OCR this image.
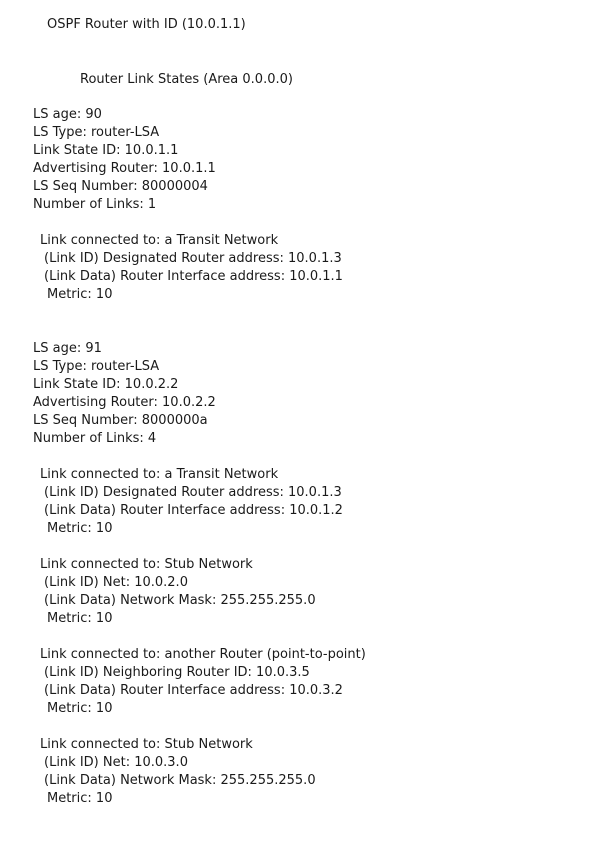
OSPF Router with ID (10.0.1.1)
Router Link States (Area 0.0.0.0)
LS age: 90
LS Type: router-LSA
Link State ID: 10.0.1.1
Advertising Router: 10.0.1.1
LS Seq Number: 80000004
Number of Links: 1
Link connected to: a Transit Network
(Link ID) Designated Router address: 10.0.1.3
(Link Data) Router Interface address: 10.0.1.1
Metric: 10
LS age: 91
LS Type: router-LSA
Link State ID: 10.0.2.2
Advertising Router: 10.0.2.2
LS Seq Number: 8000000a
Number of Links: 4
Link connected to: a Transit Network
(Link ID) Designated Router address: 10.0.1.3
(Link Data) Router Interface address: 10.0.1.2
Metric: 10
Link connected to: Stub Network
(Link ID) Net: 10.0.2.0
(Link Data) Network Mask: 255.255.255.0
Metric: 10
Link connected to: another Router (point-to-point)
(Link ID) Neighboring Router ID: 10.0.3.5
(Link Data) Router Interface address: 10.0.3.2
Metric: 10
Link connected to: Stub Network
(Link ID) Net: 10.0.3.0
(Link Data) Network Mask: 255.255.255.0
Metric: 10
